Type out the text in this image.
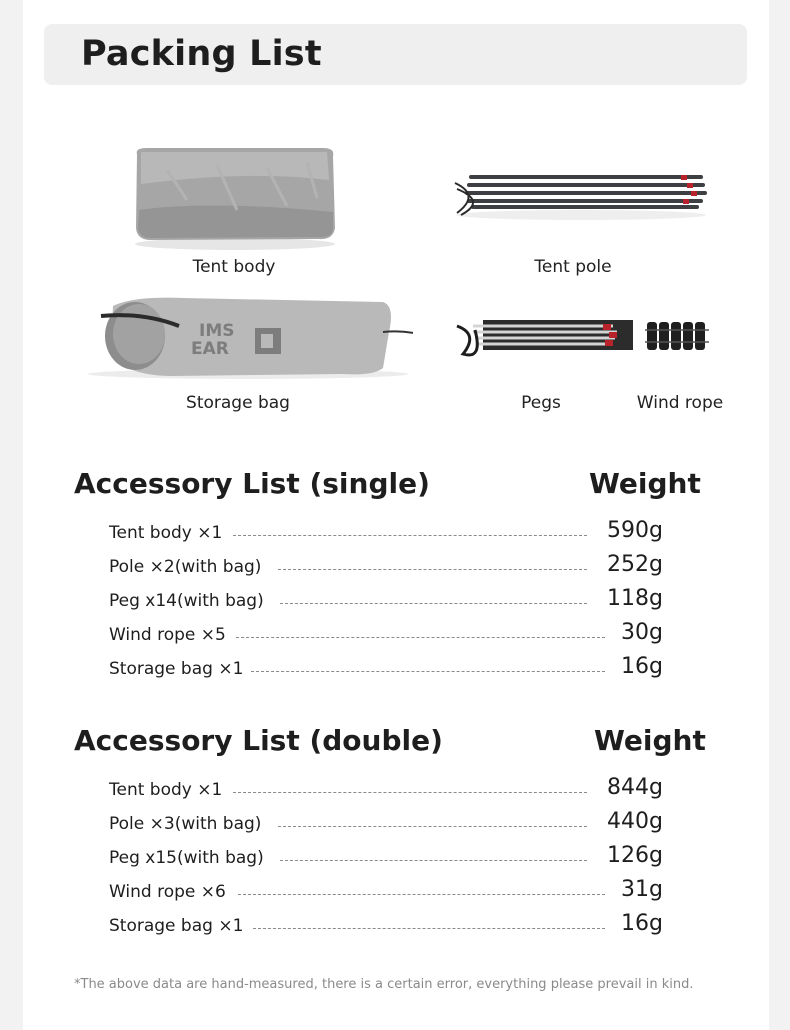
Packing List
Tent body	Tent pole
IMS
EAR
Storage bag	Pegs	Wind rope
Accessory List (single)	Weight
Tent body ×1	590g
Pole ×2(with bag)	252g
Peg x14(with bag)	118g
Wind rope ×5	30g
Storage bag ×1	16g
Accessory List (double)	Weight
Tent body ×1	844g
Pole ×3(with bag)	440g
Peg x15(with bag)	126g
Wind rope ×6	31g
Storage bag ×1	16g
*The above data are hand-measured, there is a certain error, everything please prevail in kind.
